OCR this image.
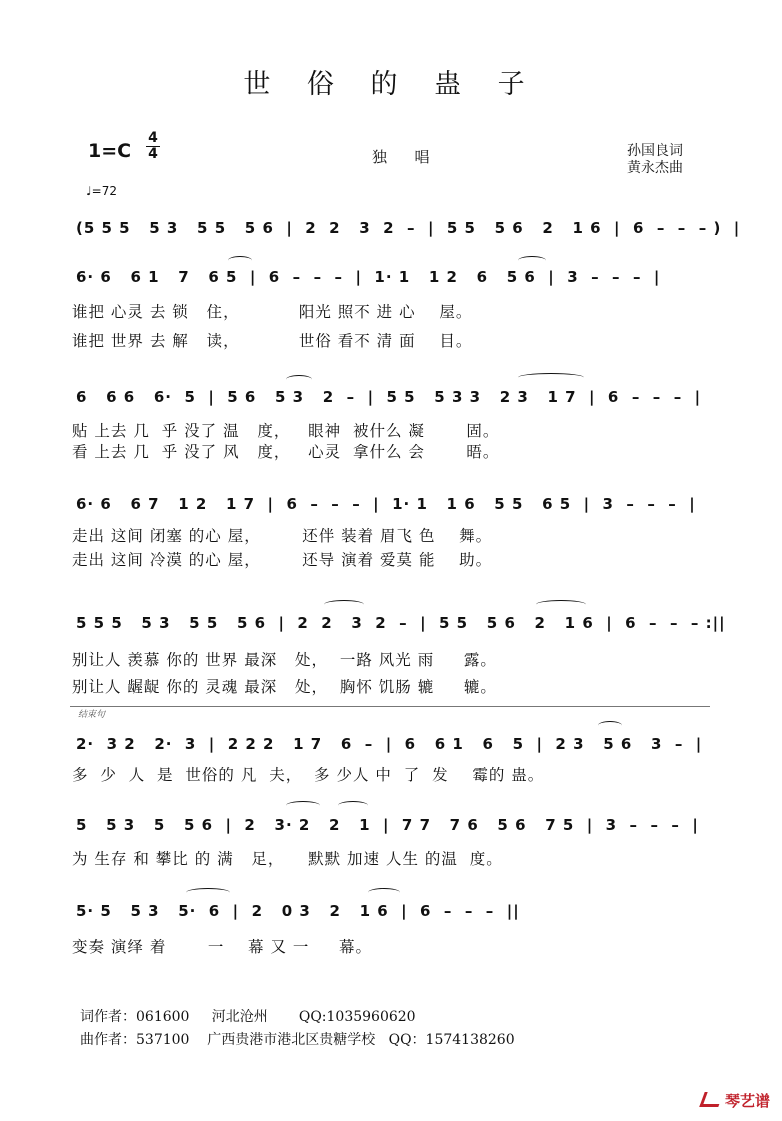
世 俗 的 蛊 子
1=C
4
4	独  唱	孙国良词
黄永杰曲
♩=72
(5 5 5   5 3   5 5   5 6  |  2  2   3  2  –  |  5 5   5 6   2   1 6  |  6  –  –  – )  |
6· 6   6 1   7   6 5  |  6  –  –  –  |  1· 1   1 2   6   5 6  |  3  –  –  –  |
谁把 心灵 去 锁   住，          阳光 照不 进 心    屋。
谁把 世界 去 解   读，          世俗 看不 清 面    目。
6   6 6   6·  5  |  5 6   5 3   2  –  |  5 5   5 3 3   2 3   1 7  |  6  –  –  –  |
贴 上去 几  乎 没了 温   度，   眼神  被什么 凝       固。
看 上去 几  乎 没了 风   度，   心灵  拿什么 会       晤。
6· 6   6 7   1 2   1 7  |  6  –  –  –  |  1· 1   1 6   5 5   6 5  |  3  –  –  –  |
走出 这间 闭塞 的心 屋，       还伴 装着 眉飞 色    舞。
走出 这间 冷漠 的心 屋，       还导 演着 爱莫 能    助。
5 5 5   5 3   5 5   5 6  |  2  2   3  2  –  |  5 5   5 6   2   1 6  |  6  –  –  – :||
别让人 羡慕 你的 世界 最深   处，  一路 风光 雨     露。
别让人 龌龊 你的 灵魂 最深   处，  胸怀 饥肠 辘     辘。
结束句
2·  3 2   2·  3  |  2 2 2   1 7   6  –  |  6   6 1   6   5  |  2 3   5 6   3  –  |
多  少  人  是  世俗的 凡  夫，  多 少人 中  了  发    霉的 蛊。
5   5 3   5   5 6  |  2   3· 2   2   1  |  7 7   7 6   5 6   7 5  |  3  –  –  –  |
为 生存 和 攀比 的 满   足，    默默 加速 人生 的温  度。
5· 5   5 3   5·  6  |  2   0 3   2   1 6  |  6  –  –  –  ||
变奏 演绎 着       一    幕 又 一     幕。
词作者：061600     河北沧州       QQ:1035960620
曲作者：537100    广西贵港市港北区贵糖学校   QQ：1574138260
琴艺谱
